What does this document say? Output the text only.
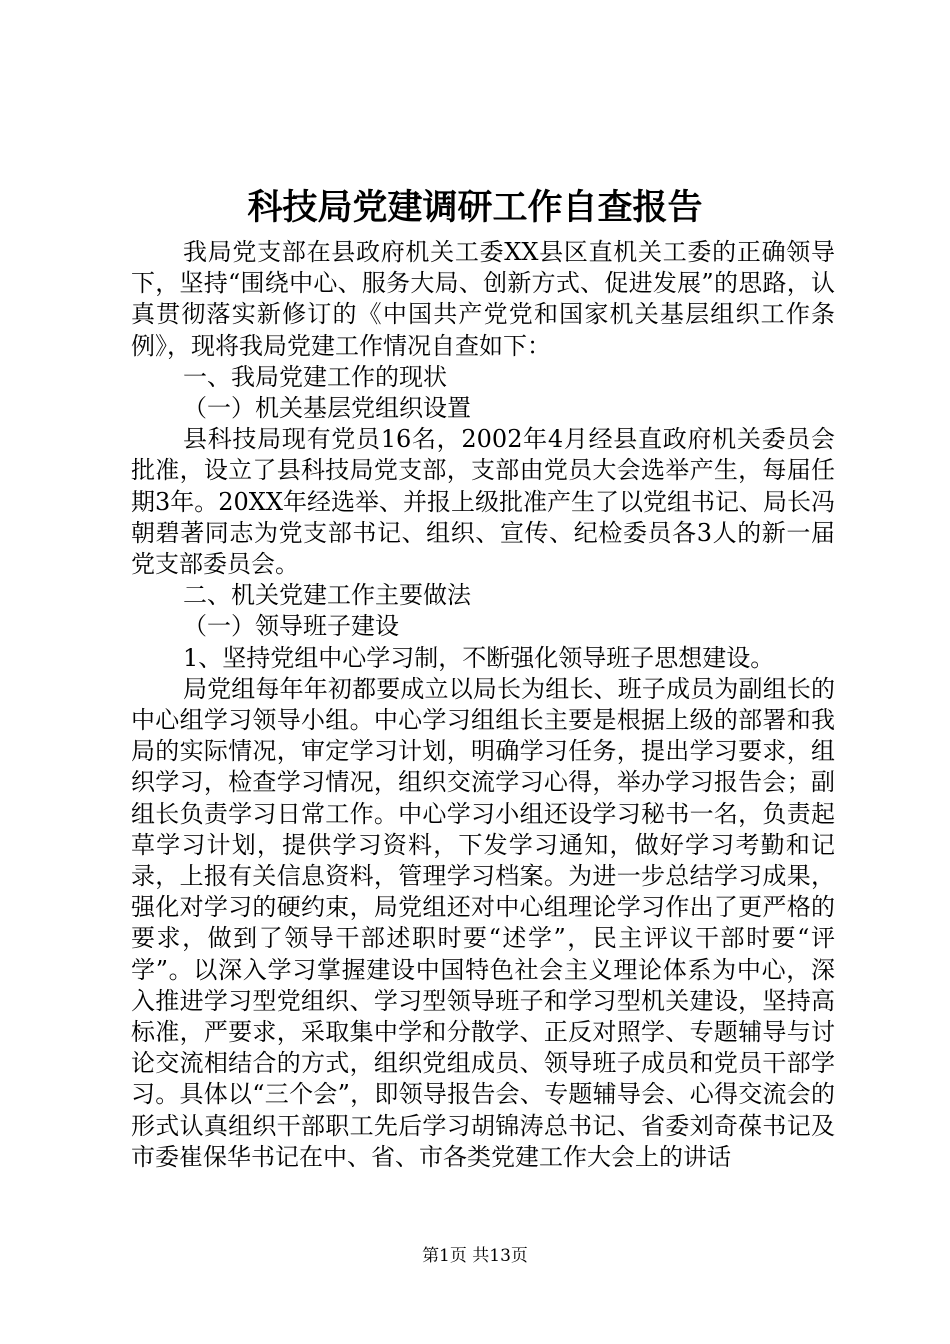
科技局党建调研工作自查报告

我局党支部在县政府机关工委XX县区直机关工委的正确领导下，坚持“围绕中心、服务大局、创新方式、促进发展”的思路，认真贯彻落实新修订的《中国共产党党和国家机关基层组织工作条例》，现将我局党建工作情况自查如下：

一、我局党建工作的现状

（一）机关基层党组织设置

县科技局现有党员16名，2002年4月经县直政府机关委员会批准，设立了县科技局党支部，支部由党员大会选举产生，每届任期3年。20XX年经选举、并报上级批准产生了以党组书记、局长冯朝碧著同志为党支部书记、组织、宣传、纪检委员各3人的新一届党支部委员会。

二、机关党建工作主要做法

（一）领导班子建设

1、坚持党组中心学习制，不断强化领导班子思想建设。

局党组每年年初都要成立以局长为组长、班子成员为副组长的中心组学习领导小组。中心学习组组长主要是根据上级的部署和我局的实际情况，审定学习计划，明确学习任务，提出学习要求，组织学习，检查学习情况，组织交流学习心得，举办学习报告会；副组长负责学习日常工作。中心学习小组还设学习秘书一名，负责起草学习计划，提供学习资料，下发学习通知，做好学习考勤和记录，上报有关信息资料，管理学习档案。为进一步总结学习成果，强化对学习的硬约束，局党组还对中心组理论学习作出了更严格的要求，做到了领导干部述职时要“述学”，民主评议干部时要“评学”。以深入学习掌握建设中国特色社会主义理论体系为中心，深入推进学习型党组织、学习型领导班子和学习型机关建设，坚持高标准，严要求，采取集中学和分散学、正反对照学、专题辅导与讨论交流相结合的方式，组织党组成员、领导班子成员和党员干部学习。具体以“三个会”，即领导报告会、专题辅导会、心得交流会的形式认真组织干部职工先后学习胡锦涛总书记、省委刘奇葆书记及市委崔保华书记在中、省、市各类党建工作大会上的讲话

第1页 共13页
